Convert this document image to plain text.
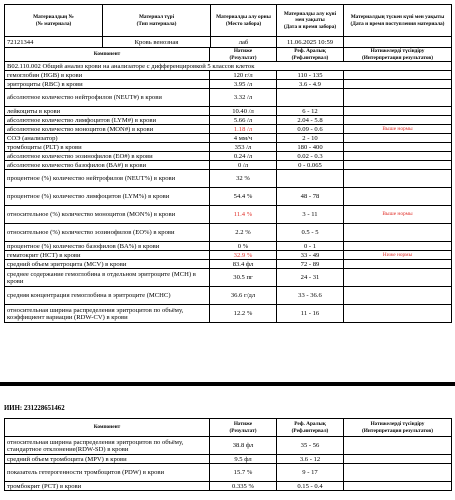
Материалдың №
(№ материала)	Материал түрі
(Тип материала)	Материалды алу орны
(Место забора)	Материалды алу күні мен уақыты
(Дата и время забора)	Материалдың түскен күні мен уақыты
(Дата и время поступления материала)
72121344	Кровь венозная	лаб	11.06.2025 10:59	
Компонент	Нәтиже
(Результат)	Реф. Аралық
(Реф.интервал)	Нәтижелерді түсіндіру
(Интерпретация результатов)
B02.110.002 Общий анализ крови на анализаторе с дифференцировкой 5 классов клеток			
гемоглобин (HGB) в крови	120 г/л	110 - 135	
эритроциты (RBC) в крови	3.95 /л	3.6 - 4.9	
абсолютное количество нейтрофилов (NEUT#) в крови	3.32 /л		
лейкоциты в крови	10.40 /л	6 - 12	
абсолютное количество лимфоцитов (LYM#) в крови	5.66 /л	2.04 - 5.8	
абсолютное количество моноцитов (MON#) в крови	1.18 /л	0.09 - 0.6	Выше нормы
СОЭ (анализатор)	4 мм/ч	2 - 10	
тромбоциты (PLT) в крови	353 /л	180 - 400	
абсолютное количество эозинофилов (EO#) в крови	0.24 /л	0.02 - 0.3	
абсолютное количество базофилов (BA#) в крови	0 /л	0 - 0.065	
процентное (%) количество нейтрофилов (NEUT%) в крови	32 %		
процентное (%) количество лимфоцитов (LYM%) в крови	54.4 %	48 - 78	
относительное (%) количество моноцитов (MON%) в крови	11.4 %	3 - 11	Выше нормы
относительное (%) количество эозинофилов (EO%) в крови	2.2 %	0.5 - 5	
процентное (%) количество базофилов (BA%) в крови	0 %	0 - 1	
гематокрит (HCT) в крови	32.9 %	33 - 49	Ниже нормы
средний объем эритроцита (MCV) в крови	83.4 фл	72 - 89	
среднее содержание гемоглобина в отдельном эритроците (MCH) в крови	30.5 пг	24 - 31	
средняя концентрация гемоглобина в эритроците (MCHC)	36.6 г/дл	33 - 36.6	
относительная ширина распределения эритроцитов по объёму, коэффициент вариации (RDW-CV) в крови	12.2 %	11 - 16	
ИИН: 231228651462
Компонент	Нәтиже
(Результат)	Реф. Аралық
(Реф.интервал)	Нәтижелерді түсіндіру
(Интерпретация результатов)
относительная ширина распределения эритроцитов по объёму, стандартное отклонение(RDW-SD) в крови	38.8 фл	35 - 56	
средний объем тромбоцита (MPV) в крови	9.5 фл	3.6 - 12	
показатель гетерогенности тромбоцитов (PDW) в крови	15.7 %	9 - 17	
тромбокрит (PCT) в крови	0.335 %	0.15 - 0.4	
